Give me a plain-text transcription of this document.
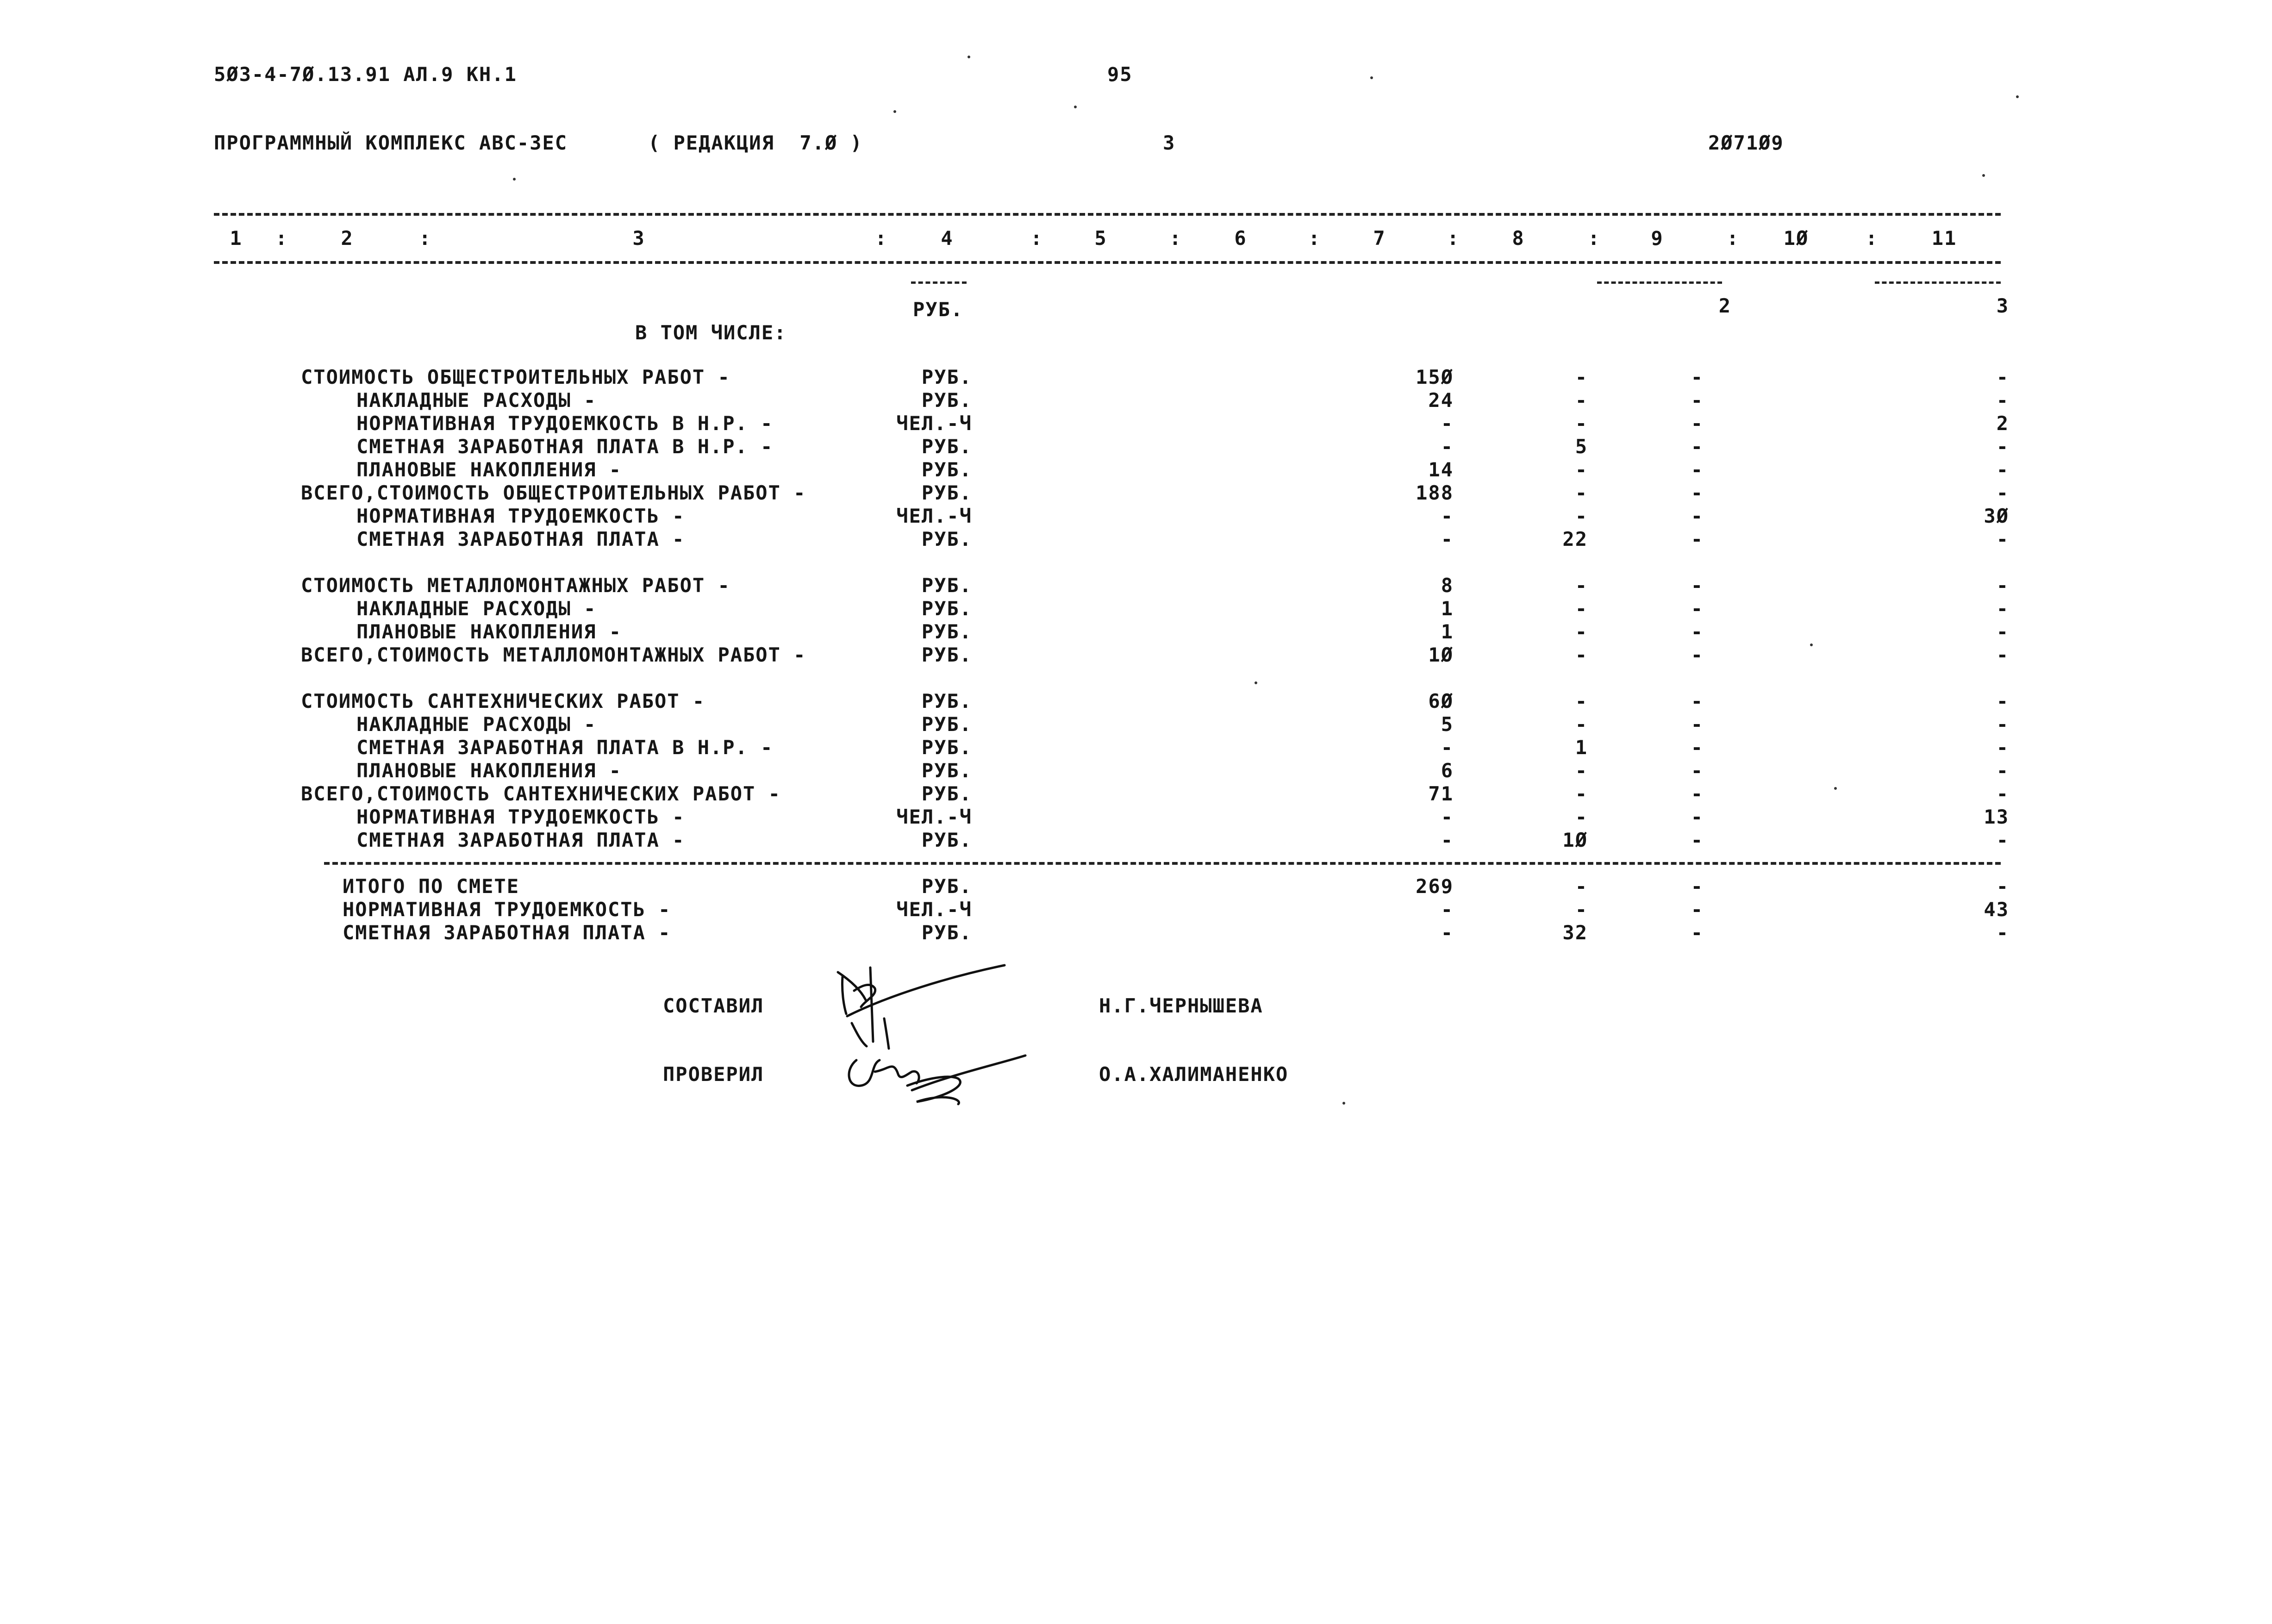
5Ø3-4-7Ø.13.91 АЛ.9 КН.1	95
ПРОГРАММНЫЙ КОМПЛЕКС АВС-3ЕС	( РЕДАКЦИЯ  7.Ø )	3	2Ø71Ø9
1	2	3	4	5	6	7	8	9	1Ø	11
:	:	:	:	:	:	:	:	:	:
РУБ.	2	3
В ТОМ ЧИСЛЕ:
СТОИМОСТЬ ОБЩЕСТРОИТЕЛЬНЫХ РАБОТ -	РУБ.	15Ø	-	-	-
НАКЛАДНЫЕ РАСХОДЫ -	РУБ.	24	-	-	-
НОРМАТИВНАЯ ТРУДОЕМКОСТЬ В Н.Р. -	ЧЕЛ.-Ч	-	-	-	2
СМЕТНАЯ ЗАРАБОТНАЯ ПЛАТА В Н.Р. -	РУБ.	-	5	-	-
ПЛАНОВЫЕ НАКОПЛЕНИЯ -	РУБ.	14	-	-	-
ВСЕГО,СТОИМОСТЬ ОБЩЕСТРОИТЕЛЬНЫХ РАБОТ -	РУБ.	188	-	-	-
НОРМАТИВНАЯ ТРУДОЕМКОСТЬ -	ЧЕЛ.-Ч	-	-	-	3Ø
СМЕТНАЯ ЗАРАБОТНАЯ ПЛАТА -	РУБ.	-	22	-	-
СТОИМОСТЬ МЕТАЛЛОМОНТАЖНЫХ РАБОТ -	РУБ.	8	-	-	-
НАКЛАДНЫЕ РАСХОДЫ -	РУБ.	1	-	-	-
ПЛАНОВЫЕ НАКОПЛЕНИЯ -	РУБ.	1	-	-	-
ВСЕГО,СТОИМОСТЬ МЕТАЛЛОМОНТАЖНЫХ РАБОТ -	РУБ.	1Ø	-	-	-
СТОИМОСТЬ САНТЕХНИЧЕСКИХ РАБОТ -	РУБ.	6Ø	-	-	-
НАКЛАДНЫЕ РАСХОДЫ -	РУБ.	5	-	-	-
СМЕТНАЯ ЗАРАБОТНАЯ ПЛАТА В Н.Р. -	РУБ.	-	1	-	-
ПЛАНОВЫЕ НАКОПЛЕНИЯ -	РУБ.	6	-	-	-
ВСЕГО,СТОИМОСТЬ САНТЕХНИЧЕСКИХ РАБОТ -	РУБ.	71	-	-	-
НОРМАТИВНАЯ ТРУДОЕМКОСТЬ -	ЧЕЛ.-Ч	-	-	-	13
СМЕТНАЯ ЗАРАБОТНАЯ ПЛАТА -	РУБ.	-	1Ø	-	-
ИТОГО ПО СМЕТЕ	РУБ.	269	-	-	-
НОРМАТИВНАЯ ТРУДОЕМКОСТЬ -	ЧЕЛ.-Ч	-	-	-	43
СМЕТНАЯ ЗАРАБОТНАЯ ПЛАТА -	РУБ.	-	32	-	-
СОСТАВИЛ	Н.Г.ЧЕРНЫШЕВА
ПРОВЕРИЛ	О.А.ХАЛИМАНЕНКО
